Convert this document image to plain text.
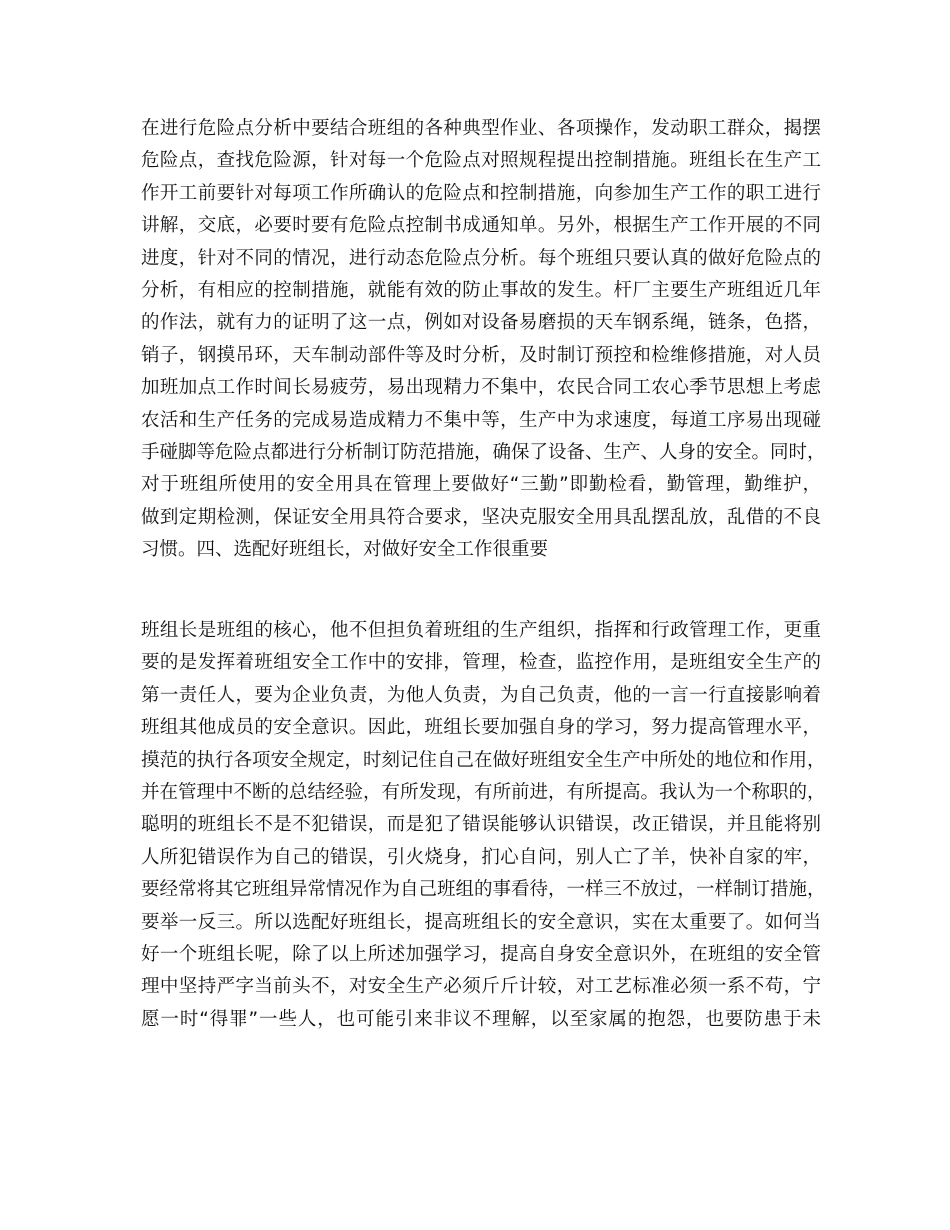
在进行危险点分析中要结合班组的各种典型作业、各项操作，发动职工群众，揭摆
危险点，查找危险源，针对每一个危险点对照规程提出控制措施。班组长在生产工
作开工前要针对每项工作所确认的危险点和控制措施，向参加生产工作的职工进行
讲解，交底，必要时要有危险点控制书成通知单。另外，根据生产工作开展的不同
进度，针对不同的情况，进行动态危险点分析。每个班组只要认真的做好危险点的
分析，有相应的控制措施，就能有效的防止事故的发生。杆厂主要生产班组近几年
的作法，就有力的证明了这一点，例如对设备易磨损的天车钢系绳，链条，色搭，
销子，钢摸吊环，天车制动部件等及时分析，及时制订预控和检维修措施，对人员
加班加点工作时间长易疲劳，易出现精力不集中，农民合同工农心季节思想上考虑
农活和生产任务的完成易造成精力不集中等，生产中为求速度，每道工序易出现碰
手碰脚等危险点都进行分析制订防范措施，确保了设备、生产、人身的安全。同时，
对于班组所使用的安全用具在管理上要做好“三勤”即勤检看，勤管理，勤维护，
做到定期检测，保证安全用具符合要求，坚决克服安全用具乱摆乱放，乱借的不良
习惯。四、选配好班组长，对做好安全工作很重要
班组长是班组的核心，他不但担负着班组的生产组织，指挥和行政管理工作，更重
要的是发挥着班组安全工作中的安排，管理，检查，监控作用，是班组安全生产的
第一责任人，要为企业负责，为他人负责，为自己负责，他的一言一行直接影响着
班组其他成员的安全意识。因此，班组长要加强自身的学习，努力提高管理水平，
摸范的执行各项安全规定，时刻记住自己在做好班组安全生产中所处的地位和作用，
并在管理中不断的总结经验，有所发现，有所前进，有所提高。我认为一个称职的，
聪明的班组长不是不犯错误，而是犯了错误能够认识错误，改正错误，并且能将别
人所犯错误作为自己的错误，引火烧身，扪心自问，别人亡了羊，快补自家的牢，
要经常将其它班组异常情况作为自己班组的事看待，一样三不放过，一样制订措施，
要举一反三。所以选配好班组长，提高班组长的安全意识，实在太重要了。如何当
好一个班组长呢，除了以上所述加强学习，提高自身安全意识外，在班组的安全管
理中坚持严字当前头不，对安全生产必须斤斤计较，对工艺标准必须一系不苟，宁
愿一时“得罪”一些人，也可能引来非议不理解，以至家属的抱怨，也要防患于未
